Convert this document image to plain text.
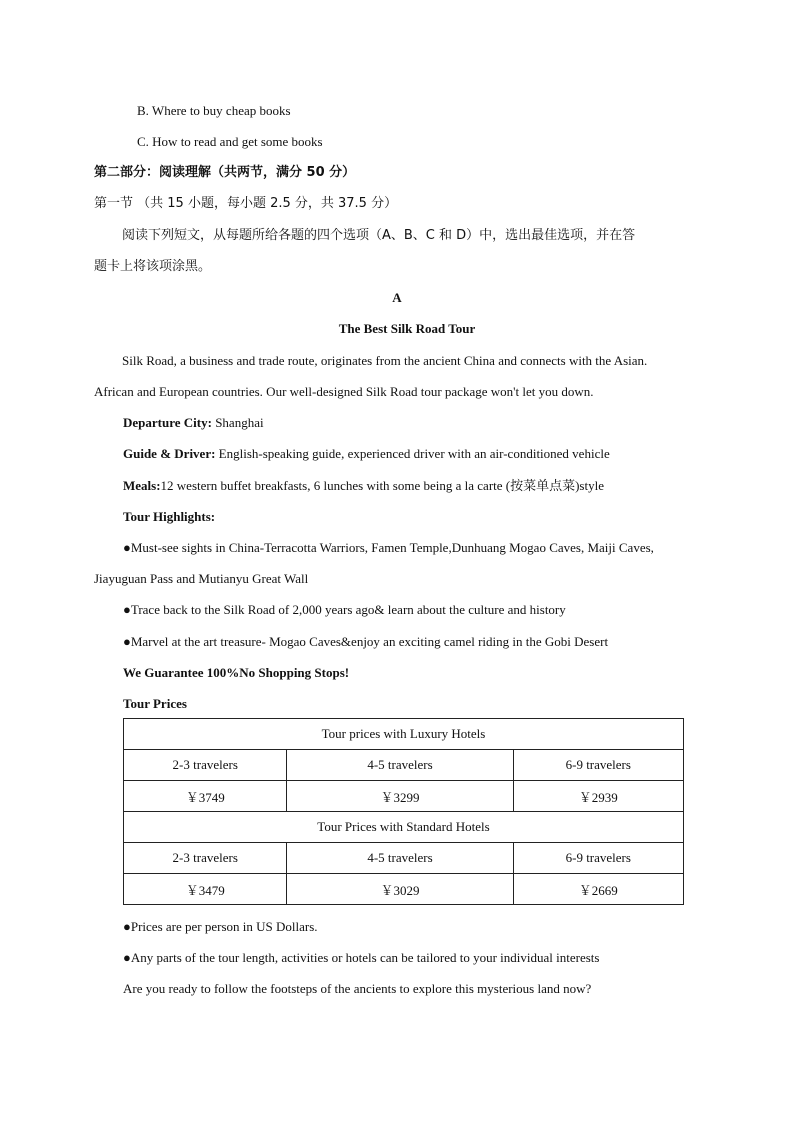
B. Where to buy cheap books
C. How to read and get some books
第二部分：阅读理解（共两节，满分 50 分）
第一节 （共 15 小题，每小题 2.5 分，共 37.5 分）
阅读下列短文，从每题所给各题的四个选项（A、B、C 和 D）中，选出最佳选项，并在答
题卡上将该项涂黑。
A
The Best Silk Road Tour
Silk Road, a business and trade route, originates from the ancient China and connects with the Asian.
African and European countries. Our well-designed Silk Road tour package won't let you down.
Departure City: Shanghai
Guide & Driver: English-speaking guide, experienced driver with an air-conditioned vehicle
Meals:12 western buffet breakfasts, 6 lunches with some being a la carte (按菜单点菜)style
Tour Highlights:
●Must-see sights in China-Terracotta Warriors, Famen Temple,Dunhuang Mogao Caves, Maiji Caves,
Jiayuguan Pass and Mutianyu Great Wall
●Trace back to the Silk Road of 2,000 years ago& learn about the culture and history
●Marvel at the art treasure- Mogao Caves&enjoy an exciting camel riding in the Gobi Desert
We Guarantee 100%No Shopping Stops!
Tour Prices
Tour prices with Luxury Hotels		
2-3 travelers	4-5 travelers	6-9 travelers
￥3749	￥3299	￥2939
Tour Prices with Standard Hotels		
2-3 travelers	4-5 travelers	6-9 travelers
￥3479	￥3029	￥2669
●Prices are per person in US Dollars.
●Any parts of the tour length, activities or hotels can be tailored to your individual interests
Are you ready to follow the footsteps of the ancients to explore this mysterious land now?
